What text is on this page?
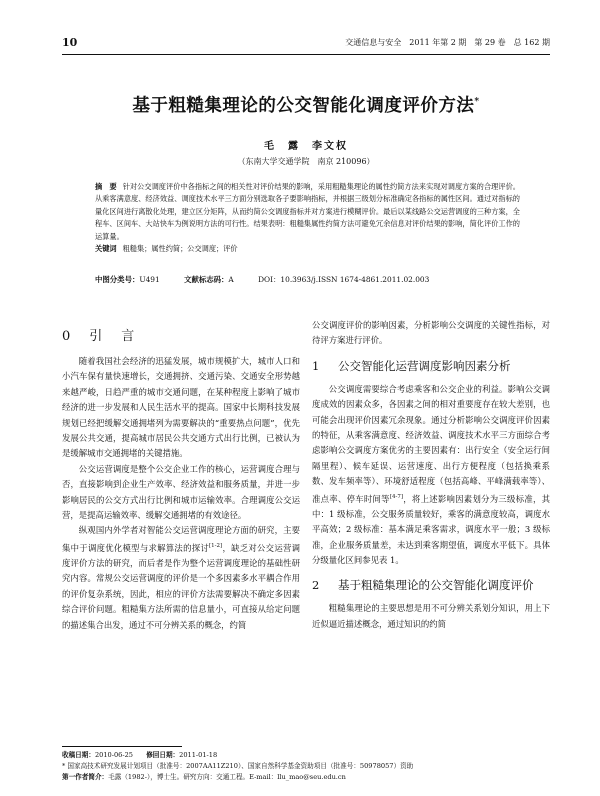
10	交通信息与安全　2011 年第 2 期　第 29 卷　总 162 期
基于粗糙集理论的公交智能化调度评价方法*
毛　露　李文权
（东南大学交通学院　南京 210096）
摘　要 针对公交调度评价中各指标之间的相关性对评价结果的影响，采用粗糙集理论的属性约简方法来实现对调度方案的合理评价。从乘客满意度、经济效益、调度技术水平三方面分别选取各子要影响指标，并根据三级划分标准确定各指标的属性区间。通过对指标的量化区间进行离散化处理，建立区分矩阵，从而约简公交调度指标并对方案进行模糊评价。最后以某线路公交运营调度的三种方案，全程车、区间车、大站快车为例说明方法的可行性。结果表明：粗糙集属性约简方法可避免冗余信息对评价结果的影响，简化评价工作的运算量。
关键词 粗糙集；属性约简；公交调度；评价
中图分类号：U491	文献标志码：A	DOI：10.3963/j.ISSN 1674-4861.2011.02.003
0　 引　言

随着我国社会经济的迅猛发展，城市规模扩大，城市人口和小汽车保有量快速增长，交通拥挤、交通污染、交通安全形势越来越严峻，日趋严重的城市交通问题，在某种程度上影响了城市经济的进一步发展和人民生活水平的提高。国家中长期科技发展规划已经把缓解交通拥堵列为需要解决的“重要热点问题”，优先发展公共交通，提高城市居民公共交通方式出行比例，已被认为是缓解城市交通拥堵的关键措施。

公交运营调度是整个公交企业工作的核心，运营调度合理与否，直接影响到企业生产效率、经济效益和服务质量，并进一步影响居民的公交方式出行比例和城市运输效率。合理调度公交运营，是提高运输效率、缓解交通拥堵的有效途径。

纵观国内外学者对智能公交运营调度理论方面的研究，主要集中于调度优化模型与求解算法的探讨[1-2]，缺乏对公交运营调度评价方法的研究，而后者是作为整个运营调度理论的基础性研究内容。常规公交运营调度的评价是一个多因素多水平耦合作用的评价复杂系统，因此，相应的评价方法需要解决不确定多因素综合评价问题。粗糙集方法所需的信息量小，可直接从给定问题的描述集合出发，通过不可分辨关系的概念，约简

公交调度评价的影响因素，分析影响公交调度的关键性指标，对待评方案进行评价。

1	公交智能化运营调度影响因素分析

公交调度需要综合考虑乘客和公交企业的利益。影响公交调度成效的因素众多，各因素之间的相对重要度存在较大差别，也可能会出现评价因素冗余现象。通过分析影响公交调度评价因素的特征，从乘客满意度、经济效益、调度技术水平三方面综合考虑影响公交调度方案优劣的主要因素有：出行安全（安全运行间隔里程）、候车延误、运营速度、出行方便程度（包括换乘系数、发车频率等）、环境舒适程度（包括高峰、平峰满载率等）、准点率、停车时间等[4-7]，将上述影响因素划分为三级标准，其中：1 级标准，公交服务质量较好，乘客的满意度较高，调度水平高效；2 级标准：基本满足乘客需求，调度水平一般；3 级标准，企业服务质量差，未达到乘客期望值，调度水平低下。具体分级量化区间参见表 1。

2	基于粗糙集理论的公交智能化调度评价

粗糙集理论的主要思想是用不可分辨关系划分知识，用上下近似逼近描述概念，通过知识的约简

收稿日期：2010-06-25　　 修回日期：2011-01-18
* 国家高技术研究发展计划项目（批准号：2007AA11Z210）、国家自然科学基金资助项目（批准号：50978057）资助
第一作者简介：毛露（1982-），博士生。研究方向：交通工程。E-mail：llu_mao@seu.edu.cn
